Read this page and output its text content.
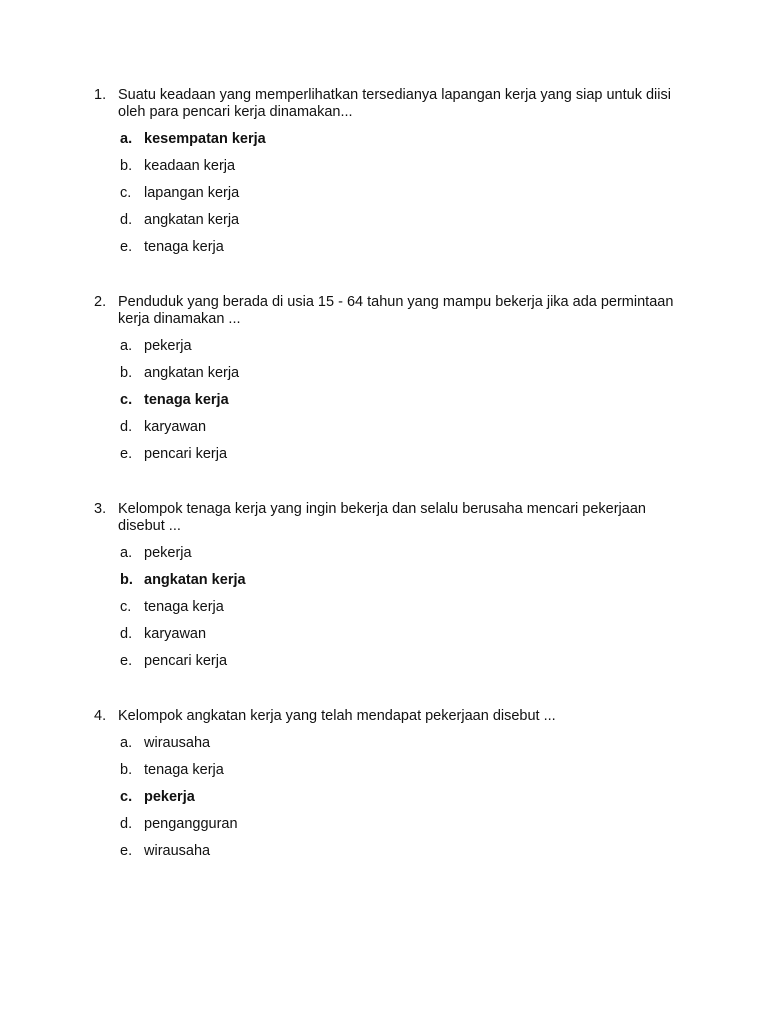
1. Suatu keadaan yang memperlihatkan tersedianya lapangan kerja yang siap untuk diisi oleh para pencari kerja dinamakan...
a. kesempatan kerja
b. keadaan kerja
c. lapangan kerja
d. angkatan kerja
e. tenaga kerja
2. Penduduk yang berada di usia 15 - 64 tahun yang mampu bekerja jika ada permintaan kerja dinamakan ...
a. pekerja
b. angkatan kerja
c. tenaga kerja
d. karyawan
e. pencari kerja
3. Kelompok tenaga kerja yang ingin bekerja dan selalu berusaha mencari pekerjaan disebut ...
a. pekerja
b. angkatan kerja
c. tenaga kerja
d. karyawan
e. pencari kerja
4. Kelompok angkatan kerja yang telah mendapat pekerjaan disebut ...
a. wirausaha
b. tenaga kerja
c. pekerja
d. pengangguran
e. wirausaha
